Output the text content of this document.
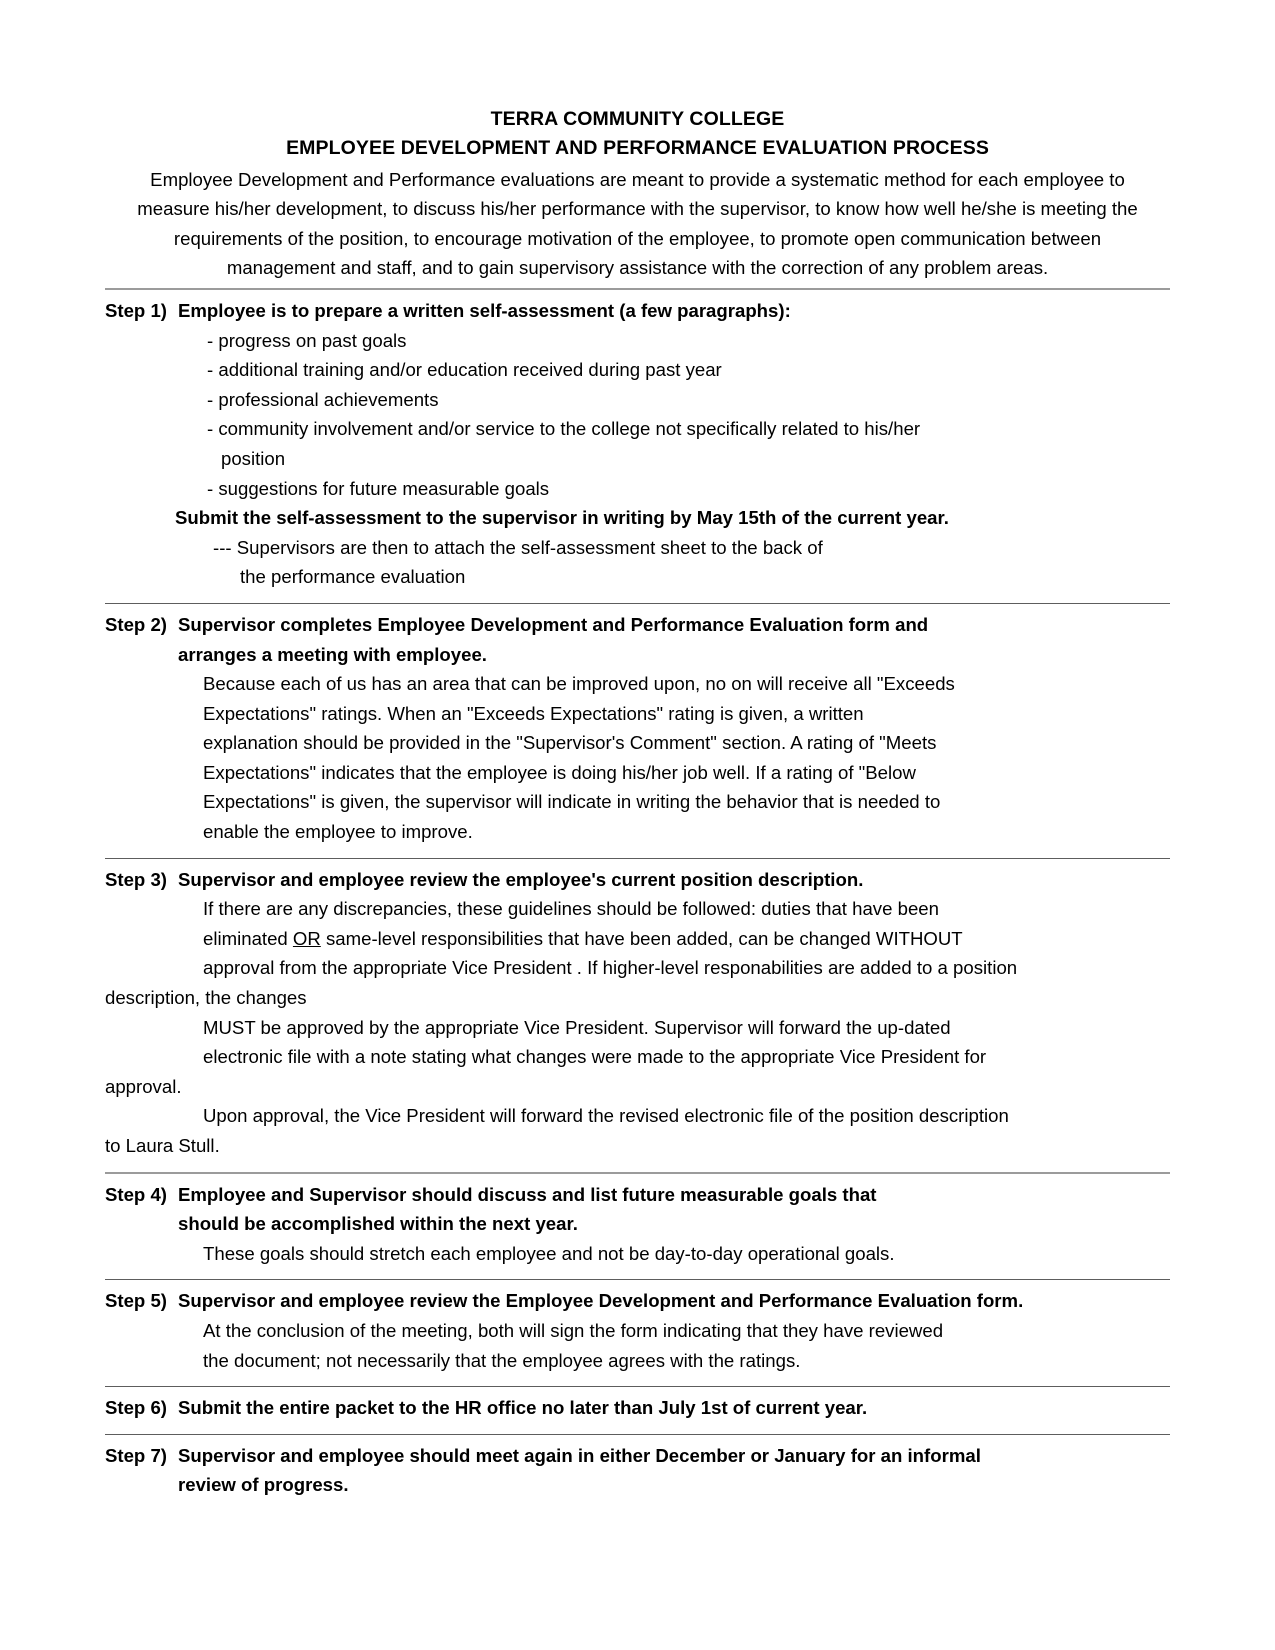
TERRA COMMUNITY COLLEGE
EMPLOYEE DEVELOPMENT AND PERFORMANCE EVALUATION PROCESS
Employee Development and Performance evaluations are meant to provide a systematic method for each employee to measure his/her development, to discuss his/her performance with the supervisor, to know how well he/she is meeting the requirements of the position, to encourage motivation of the employee, to promote open communication between management and staff, and to gain supervisory assistance with the correction of any problem areas.
Step 1) Employee is to prepare a written self-assessment (a few paragraphs):
- progress on past goals
- additional training and/or education received during past year
- professional achievements
- community involvement and/or service to the college not specifically related to his/her
position
- suggestions for future measurable goals
Submit the self-assessment to the supervisor in writing by May 15th of the current year.
--- Supervisors are then to attach the self-assessment sheet to the back of
the performance evaluation
Step 2) Supervisor completes Employee Development and Performance Evaluation form and
arranges a meeting with employee.
Because each of us has an area that can be improved upon, no on will receive all "Exceeds
Expectations" ratings. When an "Exceeds Expectations" rating is given, a written
explanation should be provided in the "Supervisor's Comment" section. A rating of "Meets
Expectations" indicates that the employee is doing his/her job well. If a rating of "Below
Expectations" is given, the supervisor will indicate in writing the behavior that is needed to
enable the employee to improve.
Step 3) Supervisor and employee review the employee's current position description.
If there are any discrepancies, these guidelines should be followed: duties that have been
eliminated OR same-level responsibilities that have been added, can be changed WITHOUT
approval from the appropriate Vice President . If higher-level responabilities are added to a position
description, the changes
MUST be approved by the appropriate Vice President. Supervisor will forward the up-dated
electronic file with a note stating what changes were made to the appropriate Vice President for
approval.
Upon approval, the Vice President will forward the revised electronic file of the position description
to Laura Stull.
Step 4) Employee and Supervisor should discuss and list future measurable goals that
should be accomplished within the next year.
These goals should stretch each employee and not be day-to-day operational goals.
Step 5) Supervisor and employee review the Employee Development and Performance Evaluation form.
At the conclusion of the meeting, both will sign the form indicating that they have reviewed
the document; not necessarily that the employee agrees with the ratings.
Step 6) Submit the entire packet to the HR office no later than July 1st of current year.
Step 7) Supervisor and employee should meet again in either December or January for an informal
review of progress.
